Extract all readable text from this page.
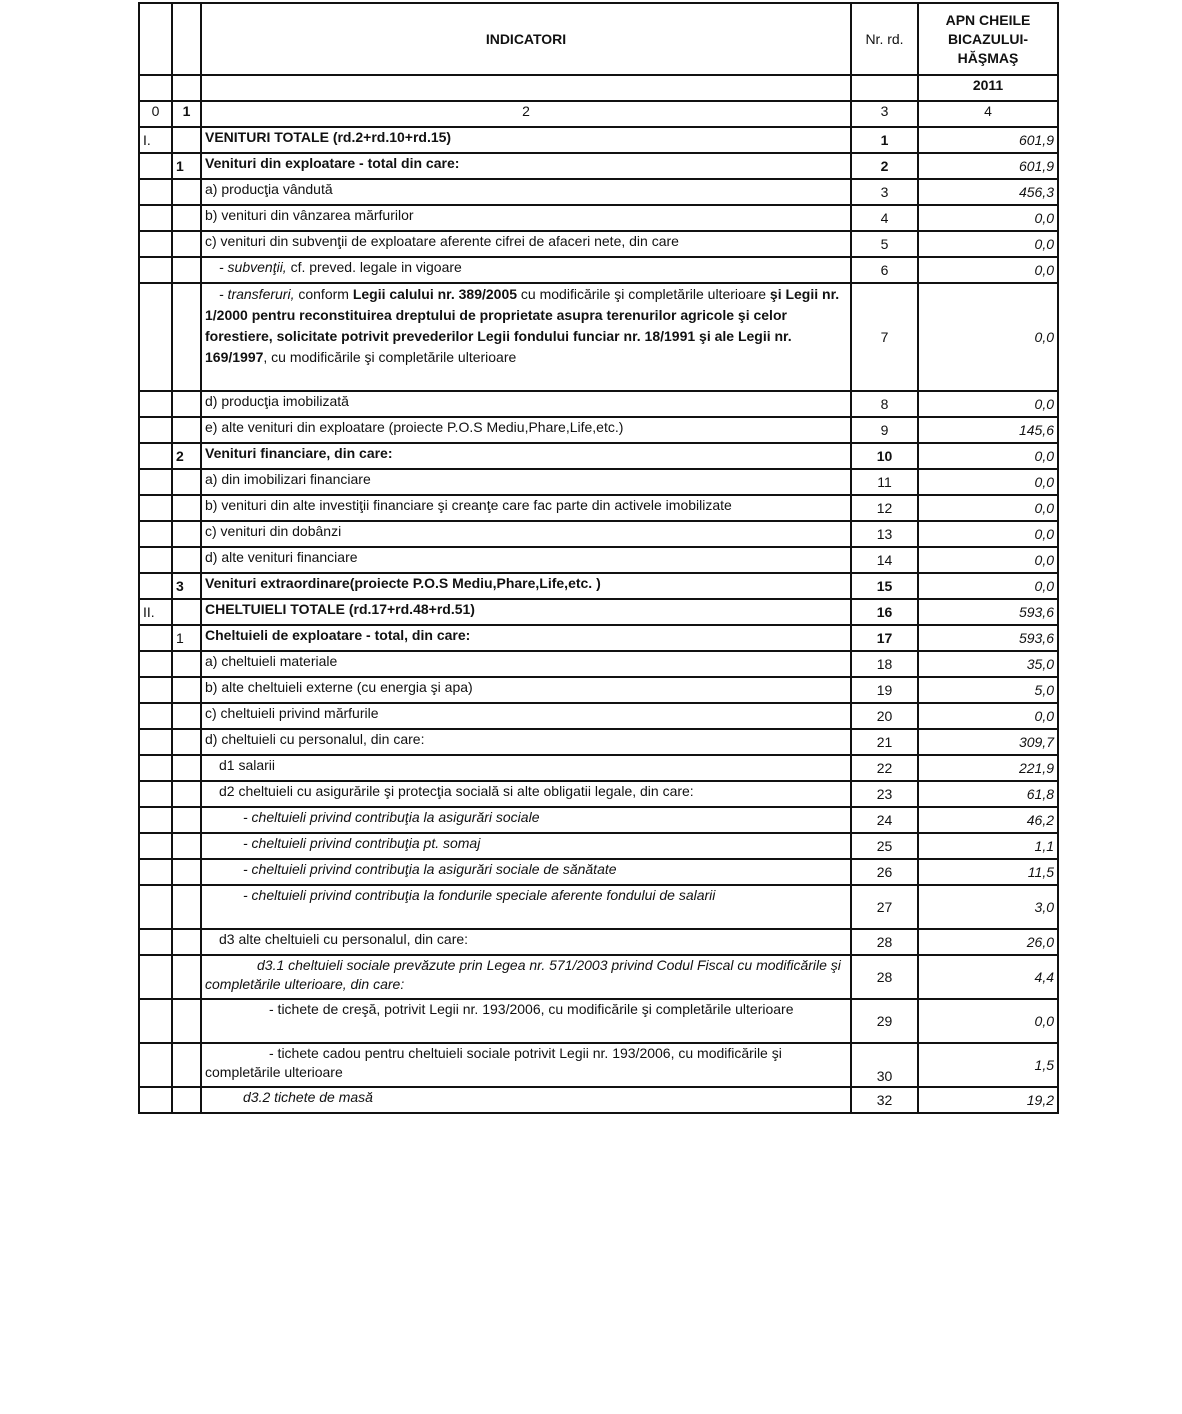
		INDICATORI	Nr. rd.	APN CHEILE
BICAZULUI-
HĂŞMAŞ

				2011
0	1	2	3	4
I.		VENITURI TOTALE (rd.2+rd.10+rd.15)	1	601,9
	1	Venituri din exploatare - total din care:	2	601,9
		a) producţia vândută	3	456,3
		b) venituri din vânzarea mărfurilor	4	0,0
		c) venituri din subvenţii de exploatare aferente cifrei de afaceri nete, din care	5	0,0
		- subvenţii, cf. preved. legale in vigoare	6	0,0
		- transferuri, conform Legii calului nr. 389/2005 cu modificările şi completările ulterioare şi Legii nr. 1/2000 pentru reconstituirea dreptului de proprietate asupra terenurilor agricole şi celor forestiere, solicitate potrivit prevederilor Legii fondului funciar nr. 18/1991 şi ale Legii nr. 169/1997, cu modificările şi completările ulterioare	7	0,0
		d) producţia imobilizată	8	0,0
		e) alte venituri din exploatare (proiecte P.O.S Mediu,Phare,Life,etc.)	9	145,6
	2	Venituri financiare, din care:	10	0,0
		a) din imobilizari financiare	11	0,0
		b) venituri din alte investiţii financiare şi creanţe care fac parte din activele imobilizate	12	0,0
		c) venituri din dobânzi	13	0,0
		d) alte venituri financiare	14	0,0
	3	Venituri extraordinare(proiecte P.O.S Mediu,Phare,Life,etc. )	15	0,0
II.		CHELTUIELI TOTALE (rd.17+rd.48+rd.51)	16	593,6
	1	Cheltuieli de exploatare - total, din care:	17	593,6
		a) cheltuieli materiale	18	35,0
		b) alte cheltuieli externe (cu energia şi apa)	19	5,0
		c) cheltuieli privind mărfurile	20	0,0
		d) cheltuieli cu personalul, din care:	21	309,7
		d1 salarii	22	221,9
		d2 cheltuieli cu asigurările şi protecţia socială si alte obligatii legale, din care:	23	61,8
		- cheltuieli privind contribuţia la asigurări sociale	24	46,2
		- cheltuieli privind contribuţia pt. somaj	25	1,1
		- cheltuieli privind contribuţia la asigurări sociale de sănătate	26	11,5
		- cheltuieli privind contribuţia la fondurile speciale aferente fondului de salarii	27	3,0
		d3 alte cheltuieli cu personalul, din care:	28	26,0
		d3.1 cheltuieli sociale prevăzute prin Legea nr. 571/2003 privind Codul Fiscal cu modificările şi completările ulterioare, din care:	28	4,4
		- tichete de creşă, potrivit Legii nr. 193/2006, cu modificările şi completările ulterioare	29	0,0
		- tichete cadou pentru cheltuieli sociale potrivit Legii nr. 193/2006, cu modificările şi completările ulterioare	30	1,5
		d3.2 tichete de masă	32	19,2
